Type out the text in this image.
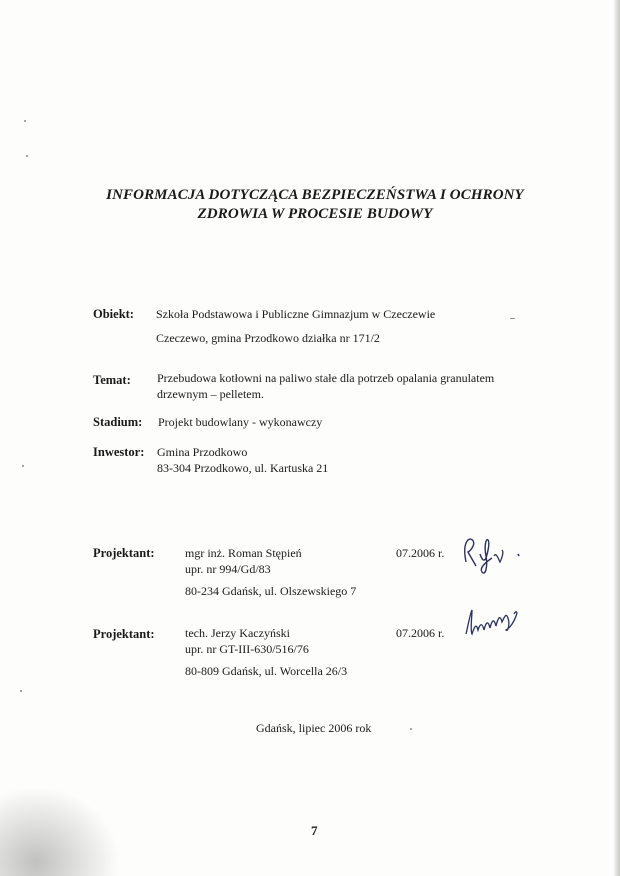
INFORMACJA DOTYCZĄCA BEZPIECZEŃSTWA I OCHRONY
ZDROWIA W PROCESIE BUDOWY
Obiekt: Szkoła Podstawowa i Publiczne Gimnazjum w Czeczewie
Czeczewo, gmina Przodkowo działka nr 171/2
Temat: Przebudowa kotłowni na paliwo stałe dla potrzeb opalania granulatem
drzewnym – pelletem.
Stadium: Projekt budowlany - wykonawczy
Inwestor: Gmina Przodkowo
83-304 Przodkowo, ul. Kartuska 21
Projektant:	mgr inż. Roman Stępień
upr. nr 994/Gd/83
80-234 Gdańsk, ul. Olszewskiego 7
07.2006 r.
Projektant:	tech. Jerzy Kaczyński
upr. nr GT-III-630/516/76
80-809 Gdańsk, ul. Worcella 26/3
07.2006 r.
Gdańsk, lipiec 2006 rok
7
